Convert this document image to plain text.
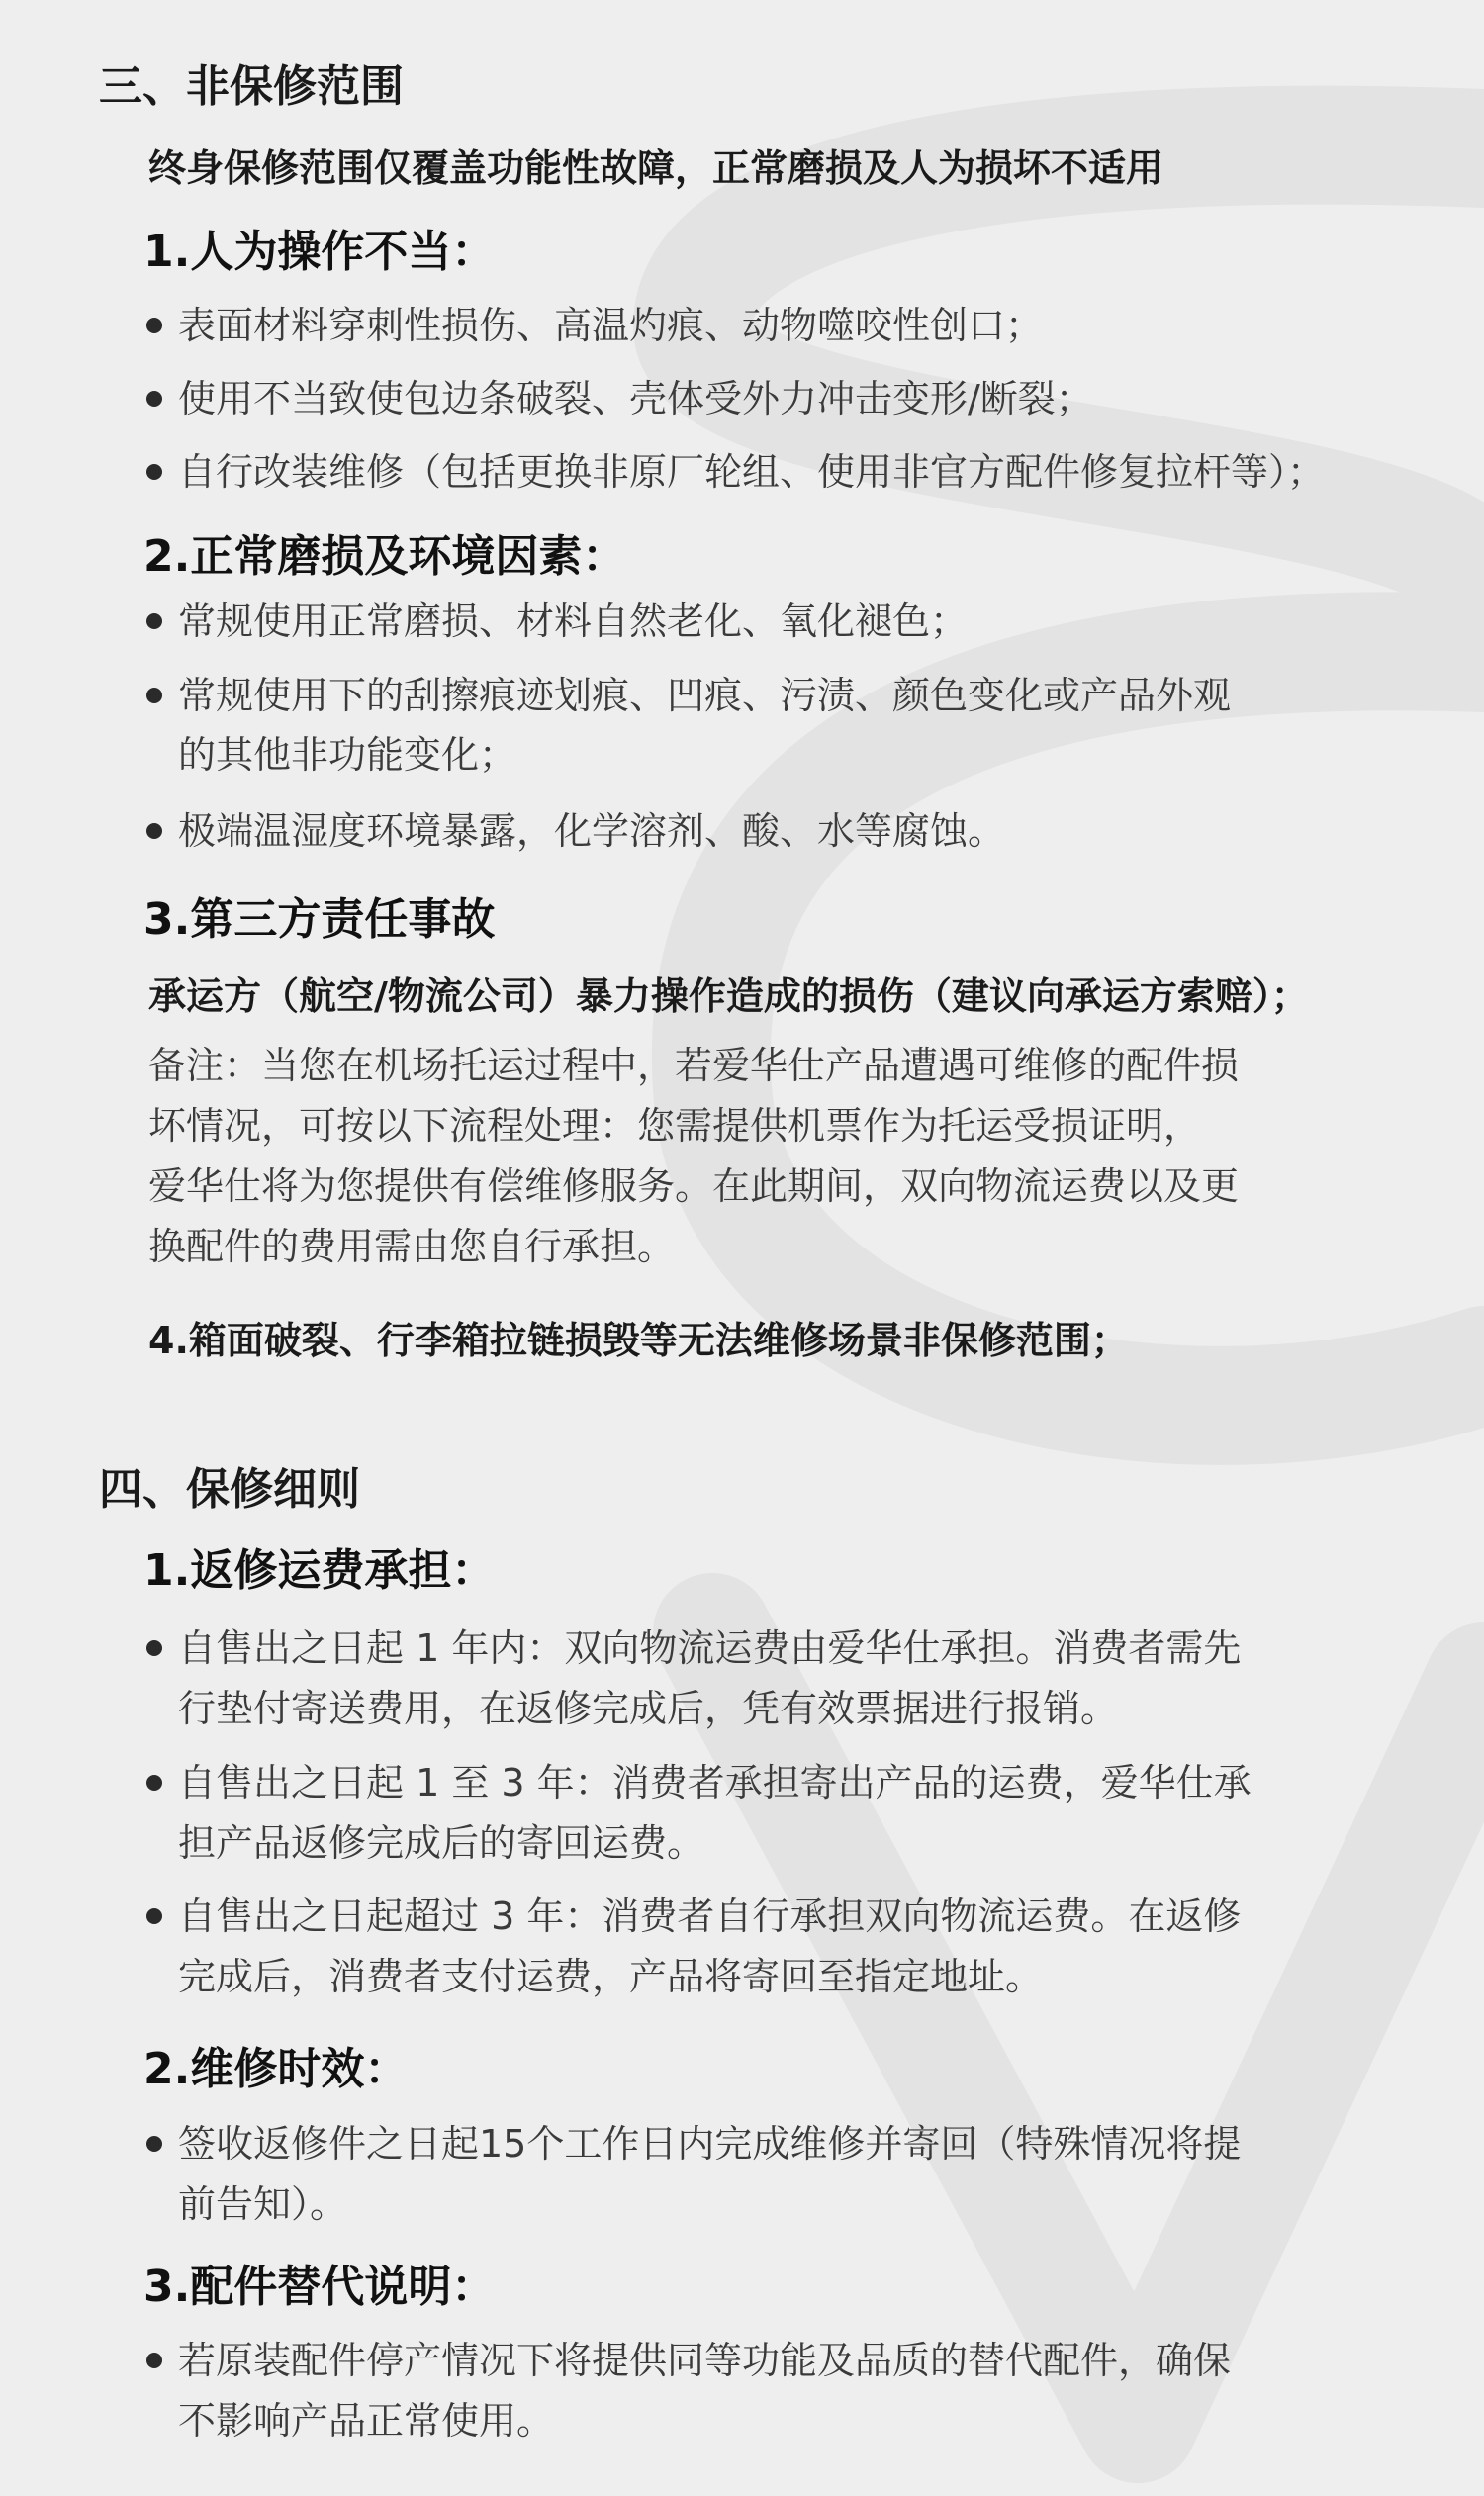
三、非保修范围
终身保修范围仅覆盖功能性故障，正常磨损及人为损坏不适用
1.人为操作不当：
表面材料穿刺性损伤、高温灼痕、动物噬咬性创口；
使用不当致使包边条破裂、壳体受外力冲击变形/断裂；
自行改装维修（包括更换非原厂轮组、使用非官方配件修复拉杆等）；
2.正常磨损及环境因素：
常规使用正常磨损、材料自然老化、氧化褪色；
常规使用下的刮擦痕迹划痕、凹痕、污渍、颜色变化或产品外观
的其他非功能变化；
极端温湿度环境暴露，化学溶剂、酸、水等腐蚀。
3.第三方责任事故
承运方（航空/物流公司）暴力操作造成的损伤（建议向承运方索赔）；
备注：当您在机场托运过程中，若爱华仕产品遭遇可维修的配件损
坏情况，可按以下流程处理：您需提供机票作为托运受损证明，
爱华仕将为您提供有偿维修服务。在此期间，双向物流运费以及更
换配件的费用需由您自行承担。
4.箱面破裂、行李箱拉链损毁等无法维修场景非保修范围；
四、保修细则
1.返修运费承担：
自售出之日起 1 年内：双向物流运费由爱华仕承担。消费者需先
行垫付寄送费用，在返修完成后，凭有效票据进行报销。
自售出之日起 1 至 3 年：消费者承担寄出产品的运费，爱华仕承
担产品返修完成后的寄回运费。
自售出之日起超过 3 年：消费者自行承担双向物流运费。在返修
完成后，消费者支付运费，产品将寄回至指定地址。
2.维修时效：
签收返修件之日起15个工作日内完成维修并寄回（特殊情况将提
前告知）。
3.配件替代说明：
若原装配件停产情况下将提供同等功能及品质的替代配件，确保
不影响产品正常使用。
